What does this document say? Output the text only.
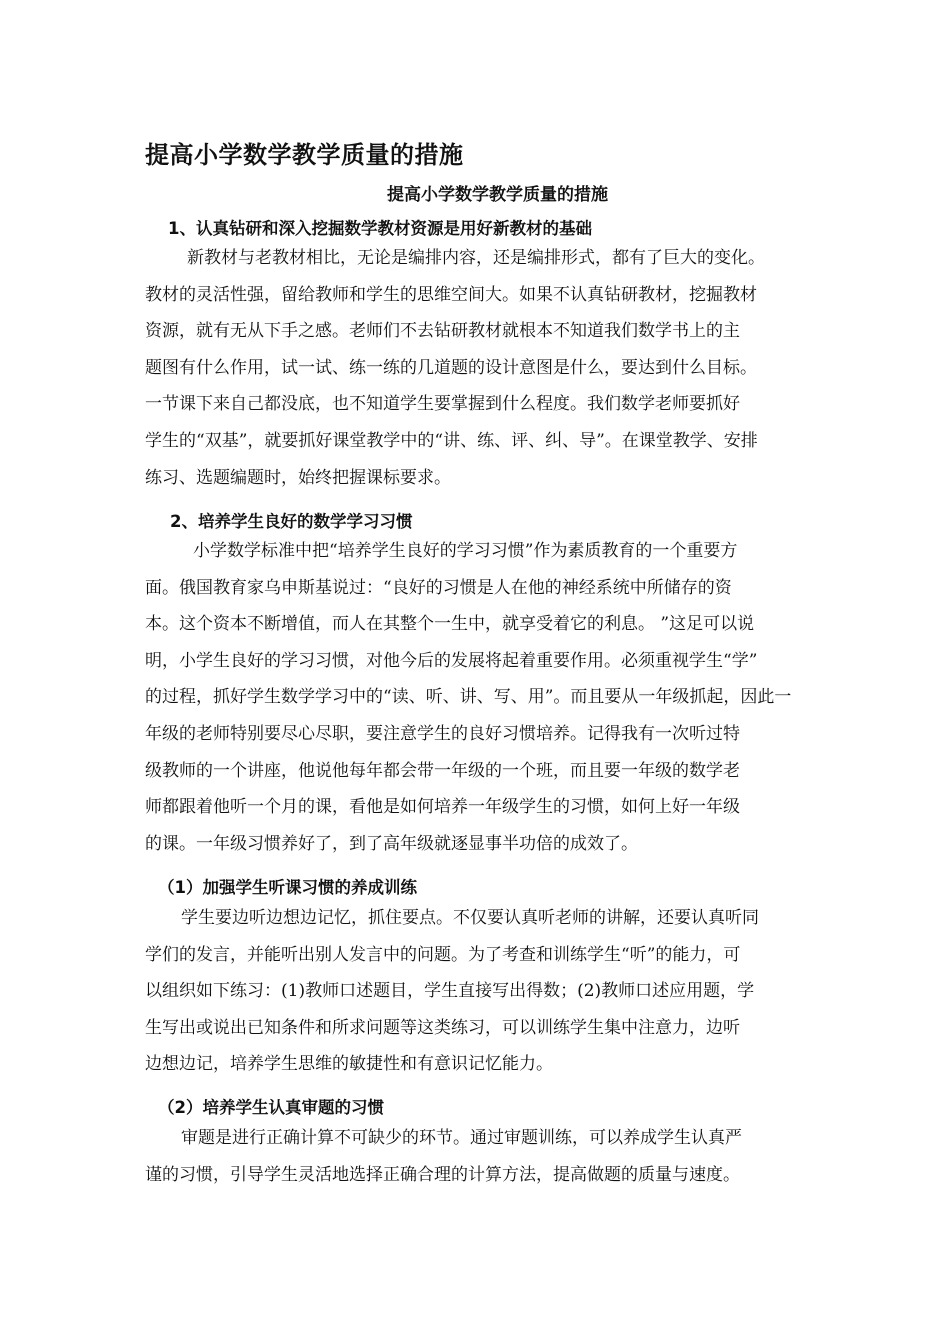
提高小学数学教学质量的措施
提高小学数学教学质量的措施
1、认真钻研和深入挖掘数学教材资源是用好新教材的基础
新教材与老教材相比，无论是编排内容，还是编排形式，都有了巨大的变化。
教材的灵活性强，留给教师和学生的思维空间大。如果不认真钻研教材，挖掘教材
资源，就有无从下手之感。老师们不去钻研教材就根本不知道我们数学书上的主
题图有什么作用，试一试、练一练的几道题的设计意图是什么，要达到什么目标。
一节课下来自己都没底，也不知道学生要掌握到什么程度。我们数学老师要抓好
学生的“双基”，就要抓好课堂教学中的“讲、练、评、纠、导”。在课堂教学、安排
练习、选题编题时，始终把握课标要求。
2、培养学生良好的数学学习习惯
小学数学标准中把“培养学生良好的学习习惯”作为素质教育的一个重要方
面。俄国教育家乌申斯基说过：“良好的习惯是人在他的神经系统中所储存的资
本。这个资本不断增值，而人在其整个一生中，就享受着它的利息。 ”这足可以说
明，小学生良好的学习习惯，对他今后的发展将起着重要作用。必须重视学生“学”
的过程，抓好学生数学学习中的“读、听、讲、写、用”。而且要从一年级抓起，因此一
年级的老师特别要尽心尽职，要注意学生的良好习惯培养。记得我有一次听过特
级教师的一个讲座，他说他每年都会带一年级的一个班，而且要一年级的数学老
师都跟着他听一个月的课，看他是如何培养一年级学生的习惯，如何上好一年级
的课。一年级习惯养好了，到了高年级就逐显事半功倍的成效了。
（1）加强学生听课习惯的养成训练
学生要边听边想边记忆，抓住要点。不仅要认真听老师的讲解，还要认真听同
学们的发言，并能听出别人发言中的问题。为了考查和训练学生“听”的能力，可
以组织如下练习：(1)教师口述题目，学生直接写出得数；(2)教师口述应用题，学
生写出或说出已知条件和所求问题等这类练习，可以训练学生集中注意力，边听
边想边记，培养学生思维的敏捷性和有意识记忆能力。
（2）培养学生认真审题的习惯
审题是进行正确计算不可缺少的环节。通过审题训练，可以养成学生认真严
谨的习惯，引导学生灵活地选择正确合理的计算方法，提高做题的质量与速度。
